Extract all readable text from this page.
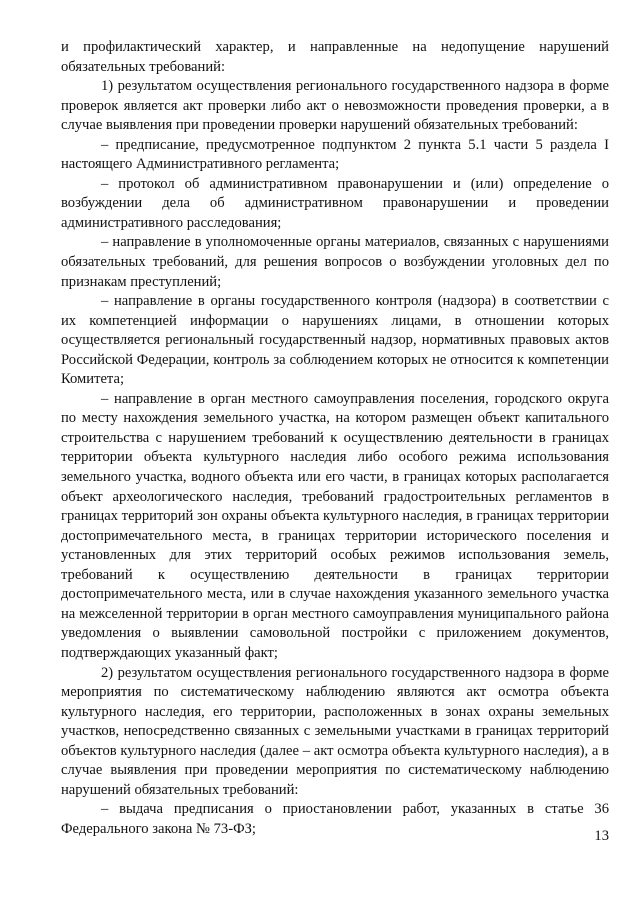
и профилактический характер, и направленные на недопущение нарушений обязательных требований:

1) результатом осуществления регионального государственного надзора в форме проверок является акт проверки либо акт о невозможности проведения проверки, а в случае выявления при проведении проверки нарушений обязательных требований:

– предписание, предусмотренное подпунктом 2 пункта 5.1 части 5 раздела I настоящего Административного регламента;

– протокол об административном правонарушении и (или) определение о возбуждении дела об административном правонарушении и проведении административного расследования;

– направление в уполномоченные органы материалов, связанных с нарушениями обязательных требований, для решения вопросов о возбуждении уголовных дел по признакам преступлений;

– направление в органы государственного контроля (надзора) в соответствии с их компетенцией информации о нарушениях лицами, в отношении которых осуществляется региональный государственный надзор, нормативных правовых актов Российской Федерации, контроль за соблюдением которых не относится к компетенции Комитета;

– направление в орган местного самоуправления поселения, городского округа по месту нахождения земельного участка, на котором размещен объект капитального строительства с нарушением требований к осуществлению деятельности в границах территории объекта культурного наследия либо особого режима использования земельного участка, водного объекта или его части, в границах которых располагается объект археологического наследия, требований градостроительных регламентов в границах территорий зон охраны объекта культурного наследия, в границах территории достопримечательного места, в границах территории исторического поселения и установленных для этих территорий особых режимов использования земель, требований к осуществлению деятельности в границах территории достопримечательного места, или в случае нахождения указанного земельного участка на межселенной территории в орган местного самоуправления муниципального района уведомления о выявлении самовольной постройки с приложением документов, подтверждающих указанный факт;

2) результатом осуществления регионального государственного надзора в форме мероприятия по систематическому наблюдению являются акт осмотра объекта культурного наследия, его территории, расположенных в зонах охраны земельных участков, непосредственно связанных с земельными участками в границах территорий объектов культурного наследия (далее – акт осмотра объекта культурного наследия), а в случае выявления при проведении мероприятия по систематическому наблюдению нарушений обязательных требований:

– выдача предписания о приостановлении работ, указанных в статье 36 Федерального закона № 73-ФЗ;	13
